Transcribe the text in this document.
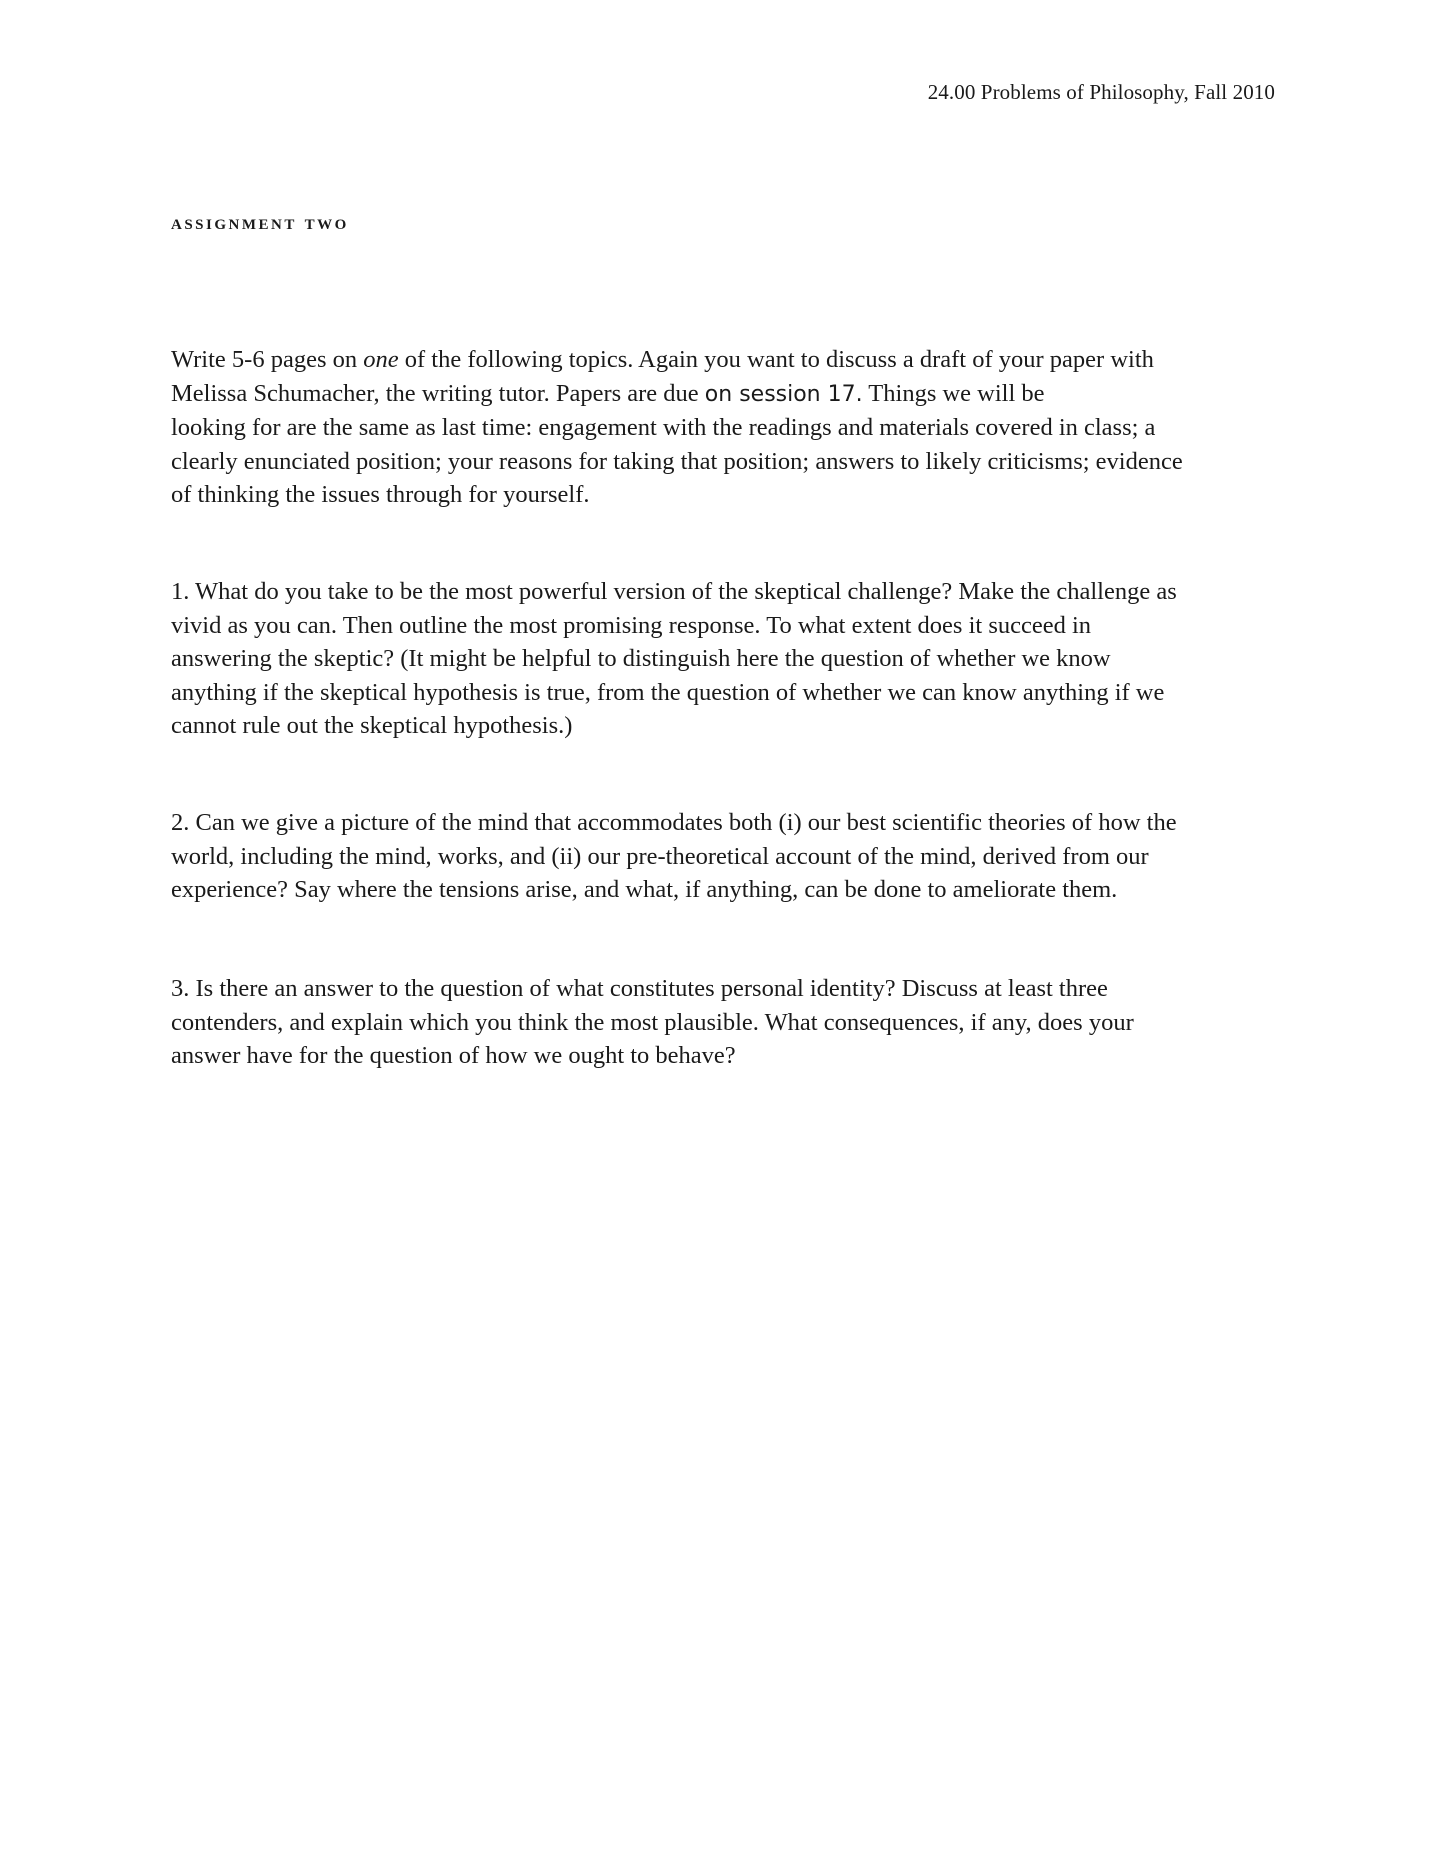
24.00 Problems of Philosophy, Fall 2010
assignment two
Write 5-6 pages on one of the following topics. Again you want to discuss a draft of your paper with
Melissa Schumacher, the writing tutor. Papers are due on session 17. Things we will be
looking for are the same as last time: engagement with the readings and materials covered in class; a
clearly enunciated position; your reasons for taking that position; answers to likely criticisms; evidence
of thinking the issues through for yourself.
1. What do you take to be the most powerful version of the skeptical challenge? Make the challenge as
vivid as you can. Then outline the most promising response. To what extent does it succeed in
answering the skeptic? (It might be helpful to distinguish here the question of whether we know
anything if the skeptical hypothesis is true, from the question of whether we can know anything if we
cannot rule out the skeptical hypothesis.)
2. Can we give a picture of the mind that accommodates both (i) our best scientific theories of how the
world, including the mind, works, and (ii) our pre-theoretical account of the mind, derived from our
experience? Say where the tensions arise, and what, if anything, can be done to ameliorate them.
3. Is there an answer to the question of what constitutes personal identity? Discuss at least three
contenders, and explain which you think the most plausible. What consequences, if any, does your
answer have for the question of how we ought to behave?
